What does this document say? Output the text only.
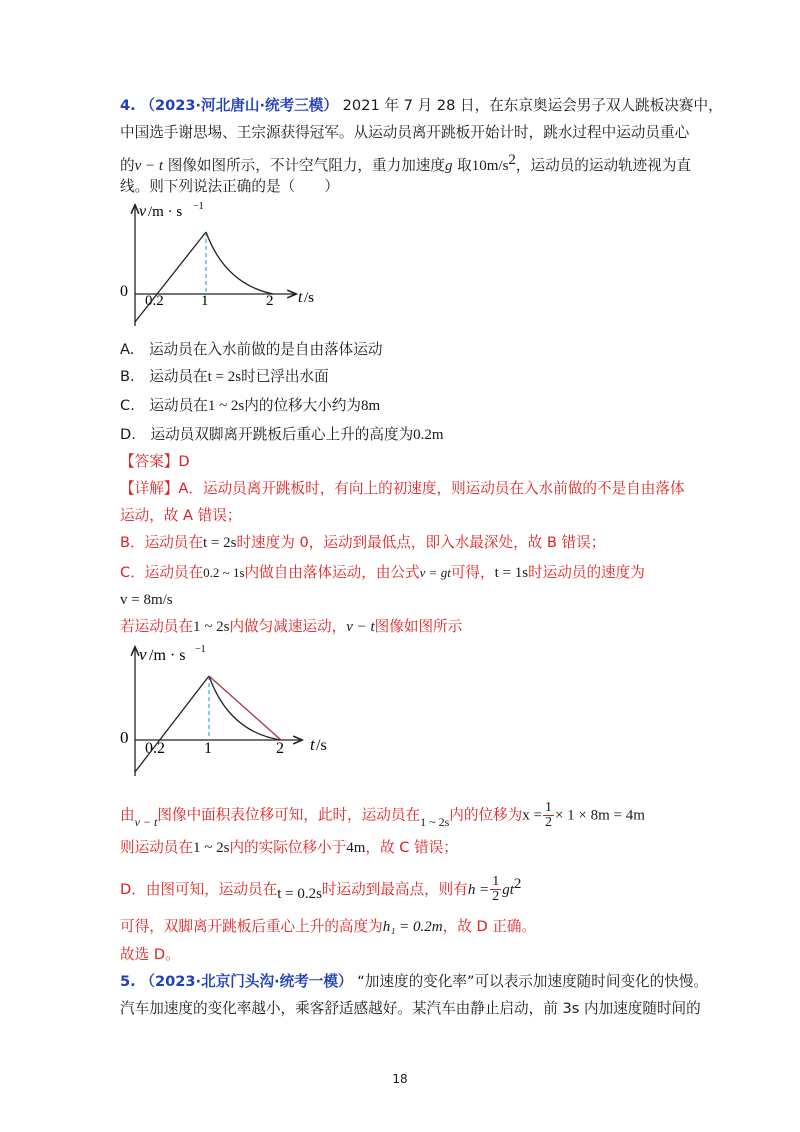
4. （2023·河北唐山·统考三模） 2021 年 7 月 28 日，在东京奥运会男子双人跳板决赛中，
中国选手谢思埸、王宗源获得冠军。从运动员离开跳板开始计时，跳水过程中运动员重心
的v − t 图像如图所示，不计空气阻力，重力加速度g 取$10m/s^2$，运动员的运动轨迹视为直
线。则下列说法正确的是（　　）
v /m · s −1
0
0.2 1	2 t /s
A.　运动员在入水前做的是自由落体运动
B.　运动员在t = 2s时已浮出水面
C.　运动员在1 ~ 2s内的位移大小约为8m
D.　运动员双脚离开跳板后重心上升的高度为0.2m
【答案】D
【详解】A．运动员离开跳板时，有向上的初速度，则运动员在入水前做的不是自由落体
运动，故 A 错误；
B．运动员在t = 2s时速度为 0，运动到最低点，即入水最深处，故 B 错误；
C．运动员在0.2 ~ 1s内做自由落体运动，由公式v = gt可得，t = 1s时运动员的速度为
v = 8m/s
若运动员在1 ~ 2s内做匀减速运动，v − t图像如图所示
v /m · s −1
0
0.2 1	2 t /s
由$_{v - t}$图像中面积表位移可知，此时，运动员在$_{1 \sim 2s}$内的位移为$x = \frac{1}{2} \times 1 \times 8m = 4m$
则运动员在1 ~ 2s内的实际位移小于4m，故 C 错误；
D．由图可知，运动员在t = 0.2s时运动到最高点，则有$h = \frac{1}{2} gt^2$
可得，双脚离开跳板后重心上升的高度为h₁ = 0.2m，故 D 正确。
故选 D。
5. （2023·北京门头沟·统考一模） “加速度的变化率”可以表示加速度随时间变化的快慢。
汽车加速度的变化率越小，乘客舒适感越好。某汽车由静止启动，前 3s 内加速度随时间的
18
